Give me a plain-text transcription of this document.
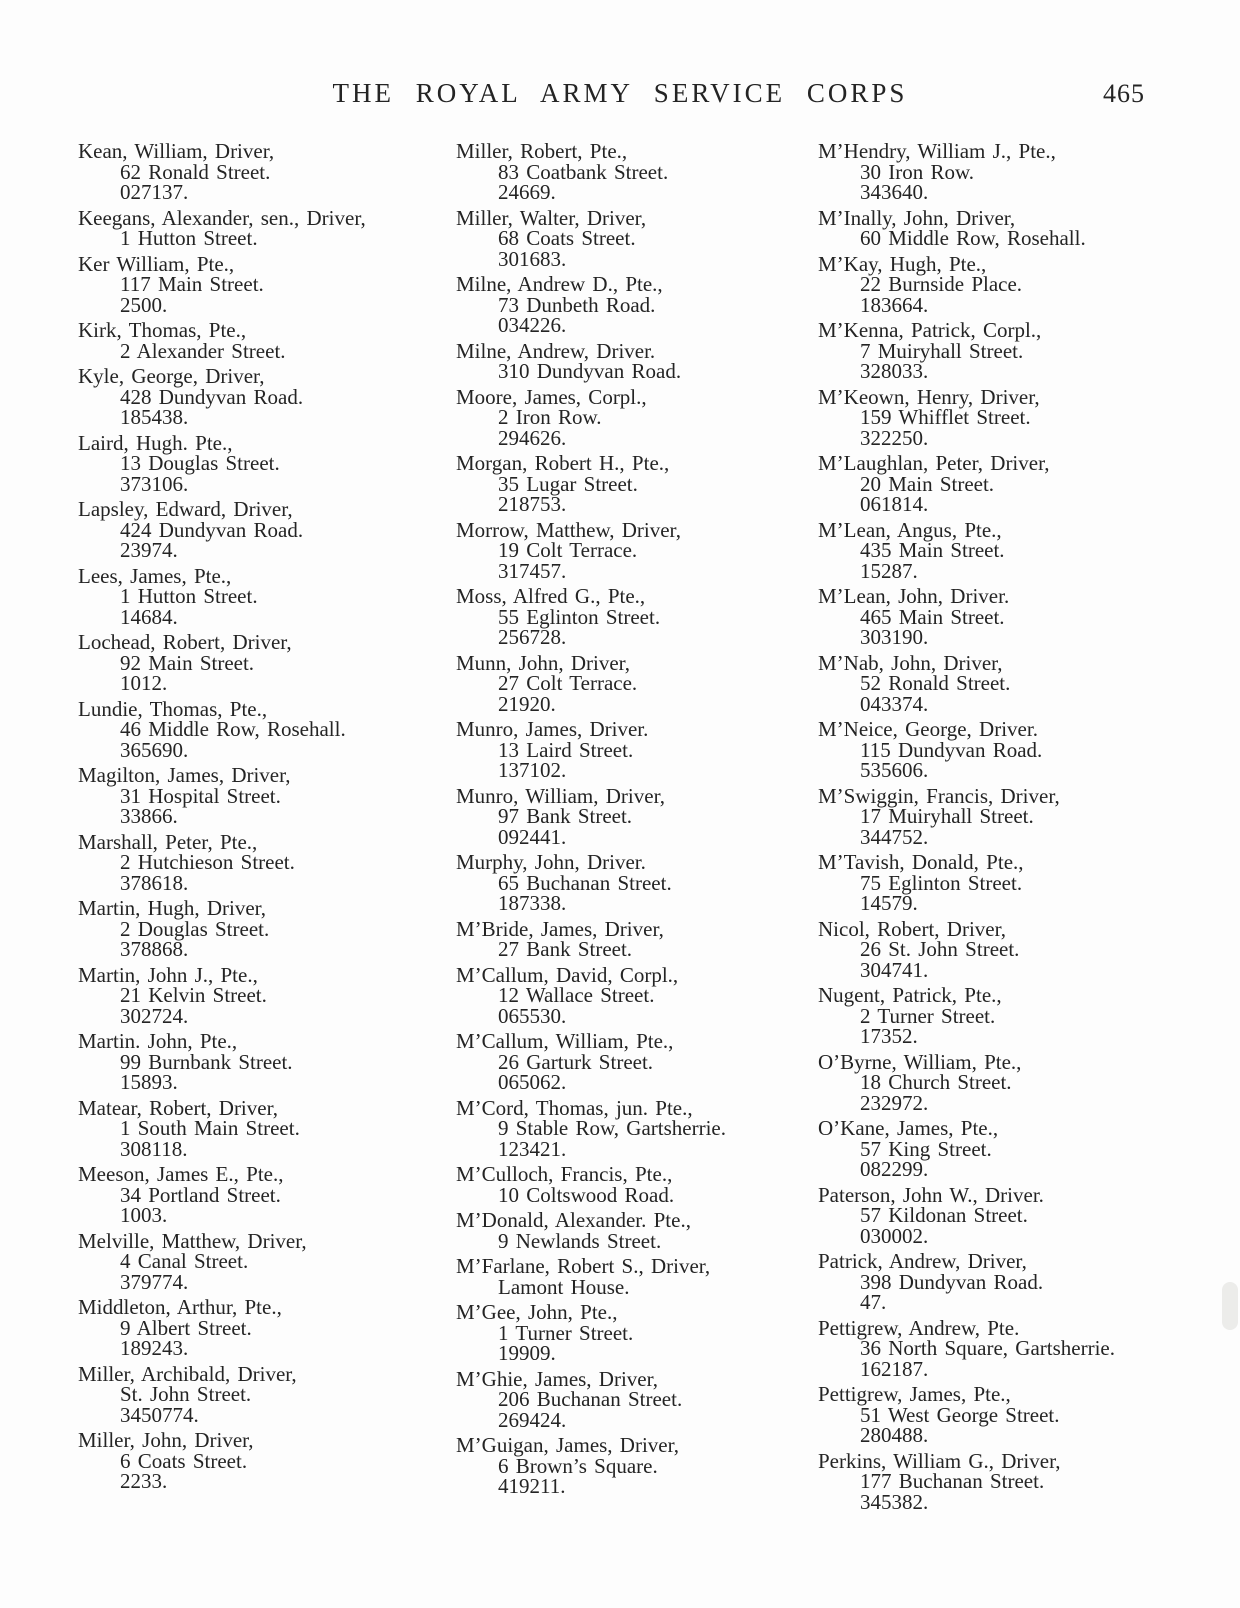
THE ROYAL ARMY SERVICE CORPS	465
Kean, William, Driver,
62 Ronald Street.
027137.
Keegans, Alexander, sen., Driver,
1 Hutton Street.
Ker William, Pte.,
117 Main Street.
2500.
Kirk, Thomas, Pte.,
2 Alexander Street.
Kyle, George, Driver,
428 Dundyvan Road.
185438.
Laird, Hugh. Pte.,
13 Douglas Street.
373106.
Lapsley, Edward, Driver,
424 Dundyvan Road.
23974.
Lees, James, Pte.,
1 Hutton Street.
14684.
Lochead, Robert, Driver,
92 Main Street.
1012.
Lundie, Thomas, Pte.,
46 Middle Row, Rosehall.
365690.
Magilton, James, Driver,
31 Hospital Street.
33866.
Marshall, Peter, Pte.,
2 Hutchieson Street.
378618.
Martin, Hugh, Driver,
2 Douglas Street.
378868.
Martin, John J., Pte.,
21 Kelvin Street.
302724.
Martin. John, Pte.,
99 Burnbank Street.
15893.
Matear, Robert, Driver,
1 South Main Street.
308118.
Meeson, James E., Pte.,
34 Portland Street.
1003.
Melville, Matthew, Driver,
4 Canal Street.
379774.
Middleton, Arthur, Pte.,
9 Albert Street.
189243.
Miller, Archibald, Driver,
St. John Street.
3450774.
Miller, John, Driver,
6 Coats Street.
2233.
Miller, Robert, Pte.,
83 Coatbank Street.
24669.
Miller, Walter, Driver,
68 Coats Street.
301683.
Milne, Andrew D., Pte.,
73 Dunbeth Road.
034226.
Milne, Andrew, Driver.
310 Dundyvan Road.
Moore, James, Corpl.,
2 Iron Row.
294626.
Morgan, Robert H., Pte.,
35 Lugar Street.
218753.
Morrow, Matthew, Driver,
19 Colt Terrace.
317457.
Moss, Alfred G., Pte.,
55 Eglinton Street.
256728.
Munn, John, Driver,
27 Colt Terrace.
21920.
Munro, James, Driver.
13 Laird Street.
137102.
Munro, William, Driver,
97 Bank Street.
092441.
Murphy, John, Driver.
65 Buchanan Street.
187338.
M’Bride, James, Driver,
27 Bank Street.
M’Callum, David, Corpl.,
12 Wallace Street.
065530.
M’Callum, William, Pte.,
26 Garturk Street.
065062.
M’Cord, Thomas, jun. Pte.,
9 Stable Row, Gartsherrie.
123421.
M’Culloch, Francis, Pte.,
10 Coltswood Road.
M’Donald, Alexander. Pte.,
9 Newlands Street.
M’Farlane, Robert S., Driver,
Lamont House.
M’Gee, John, Pte.,
1 Turner Street.
19909.
M’Ghie, James, Driver,
206 Buchanan Street.
269424.
M’Guigan, James, Driver,
6 Brown’s Square.
419211.
M’Hendry, William J., Pte.,
30 Iron Row.
343640.
M’Inally, John, Driver,
60 Middle Row, Rosehall.
M’Kay, Hugh, Pte.,
22 Burnside Place.
183664.
M’Kenna, Patrick, Corpl.,
7 Muiryhall Street.
328033.
M’Keown, Henry, Driver,
159 Whifflet Street.
322250.
M’Laughlan, Peter, Driver,
20 Main Street.
061814.
M’Lean, Angus, Pte.,
435 Main Street.
15287.
M’Lean, John, Driver.
465 Main Street.
303190.
M’Nab, John, Driver,
52 Ronald Street.
043374.
M’Neice, George, Driver.
115 Dundyvan Road.
535606.
M’Swiggin, Francis, Driver,
17 Muiryhall Street.
344752.
M’Tavish, Donald, Pte.,
75 Eglinton Street.
14579.
Nicol, Robert, Driver,
26 St. John Street.
304741.
Nugent, Patrick, Pte.,
2 Turner Street.
17352.
O’Byrne, William, Pte.,
18 Church Street.
232972.
O’Kane, James, Pte.,
57 King Street.
082299.
Paterson, John W., Driver.
57 Kildonan Street.
030002.
Patrick, Andrew, Driver,
398 Dundyvan Road.
47.
Pettigrew, Andrew, Pte.
36 North Square, Gartsherrie.
162187.
Pettigrew, James, Pte.,
51 West George Street.
280488.
Perkins, William G., Driver,
177 Buchanan Street.
345382.
